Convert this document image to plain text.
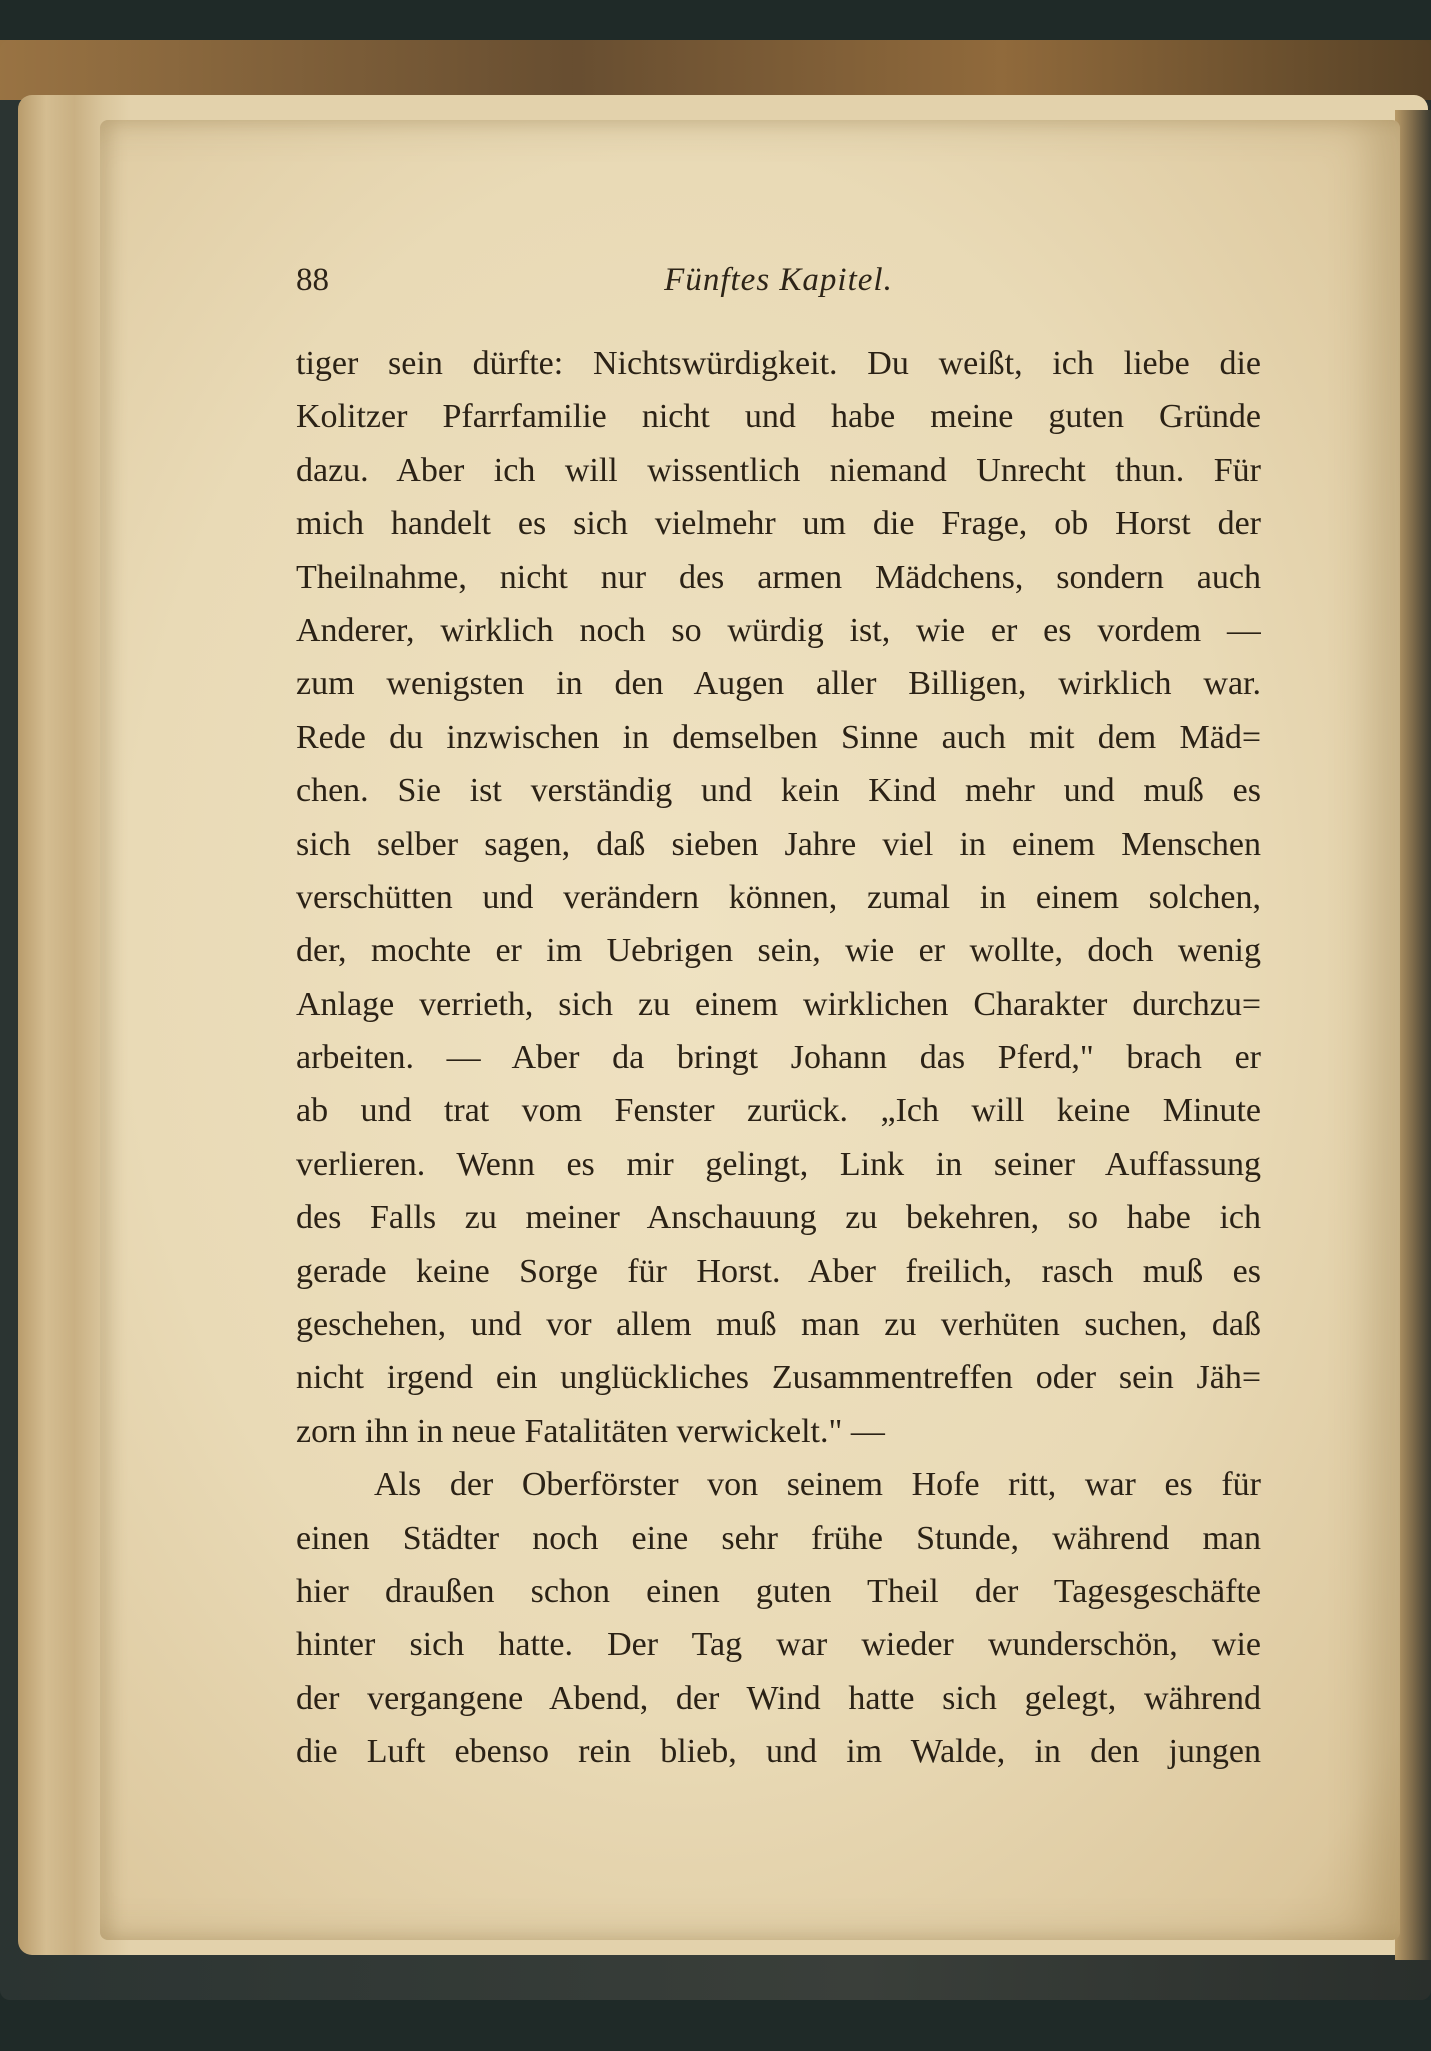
88	Fünftes Kapitel.
tiger sein dürfte: Nichtswürdigkeit. Du weißt, ich liebe die
Kolitzer Pfarrfamilie nicht und habe meine guten Gründe
dazu. Aber ich will wissentlich niemand Unrecht thun. Für
mich handelt es sich vielmehr um die Frage, ob Horst der
Theilnahme, nicht nur des armen Mädchens, sondern auch
Anderer, wirklich noch so würdig ist, wie er es vordem —
zum wenigsten in den Augen aller Billigen, wirklich war.
Rede du inzwischen in demselben Sinne auch mit dem Mäd=
chen. Sie ist verständig und kein Kind mehr und muß es
sich selber sagen, daß sieben Jahre viel in einem Menschen
verschütten und verändern können, zumal in einem solchen,
der, mochte er im Uebrigen sein, wie er wollte, doch wenig
Anlage verrieth, sich zu einem wirklichen Charakter durchzu=
arbeiten. — Aber da bringt Johann das Pferd," brach er
ab und trat vom Fenster zurück. „Ich will keine Minute
verlieren. Wenn es mir gelingt, Link in seiner Auffassung
des Falls zu meiner Anschauung zu bekehren, so habe ich
gerade keine Sorge für Horst. Aber freilich, rasch muß es
geschehen, und vor allem muß man zu verhüten suchen, daß
nicht irgend ein unglückliches Zusammentreffen oder sein Jäh=
zorn ihn in neue Fatalitäten verwickelt." —
Als der Oberförster von seinem Hofe ritt, war es für
einen Städter noch eine sehr frühe Stunde, während man
hier draußen schon einen guten Theil der Tagesgeschäfte
hinter sich hatte. Der Tag war wieder wunderschön, wie
der vergangene Abend, der Wind hatte sich gelegt, während
die Luft ebenso rein blieb, und im Walde, in den jungen
